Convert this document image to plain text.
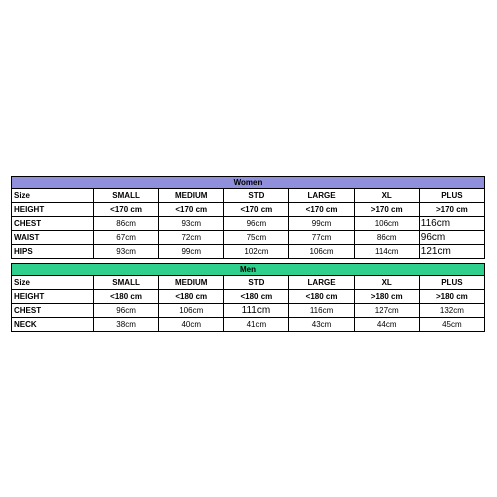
Women						
Size	SMALL	MEDIUM	STD	LARGE	XL	PLUS
HEIGHT	<170 cm	<170 cm	<170 cm	<170 cm	>170 cm	>170 cm
CHEST	86cm	93cm	96cm	99cm	106cm	116cm
WAIST	67cm	72cm	75cm	77cm	86cm	96cm
HIPS	93cm	99cm	102cm	106cm	114cm	121cm
Men						
Size	SMALL	MEDIUM	STD	LARGE	XL	PLUS
HEIGHT	<180 cm	<180 cm	<180 cm	<180 cm	>180 cm	>180 cm
CHEST	96cm	106cm	111cm	116cm	127cm	132cm
NECK	38cm	40cm	41cm	43cm	44cm	45cm
